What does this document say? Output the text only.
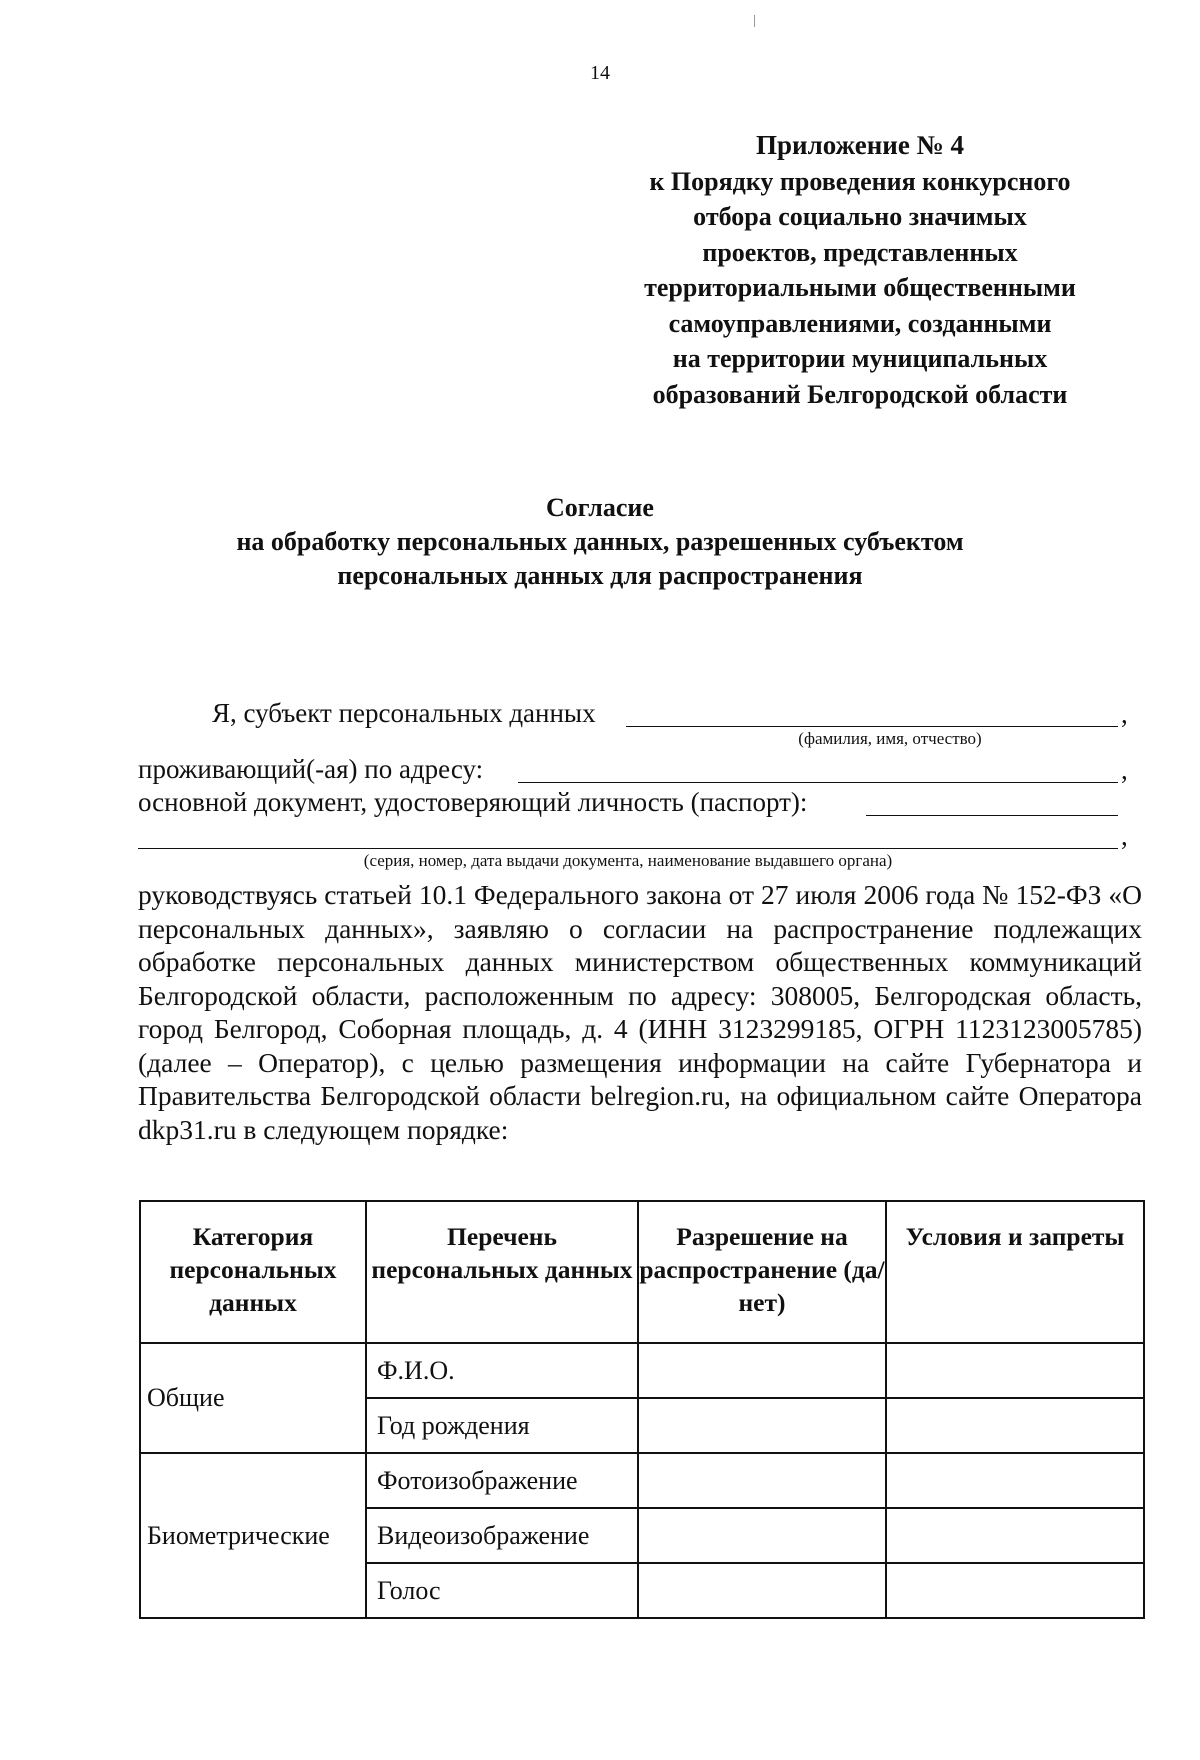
14
Приложение № 4
к Порядку проведения конкурсного
отбора социально значимых
проектов, представленных
территориальными общественными
самоуправлениями, созданными
на территории муниципальных
образований Белгородской области
Согласие
на обработку персональных данных, разрешенных субъектом
персональных данных для распространения
Я, субъект персональных данных	,
(фамилия, имя, отчество)
проживающий(-ая) по адресу:	,
основной документ, удостоверяющий личность (паспорт):
,
(серия, номер, дата выдачи документа, наименование выдавшего органа)
руководствуясь статьей 10.1 Федерального закона от 27 июля 2006 года № 152-ФЗ «О персональных данных», заявляю о согласии на распространение подлежащих обработке персональных данных министерством общественных коммуникаций Белгородской области, расположенным по адресу: 308005, Белгородская область, город Белгород, Соборная площадь, д. 4 (ИНН 3123299185, ОГРН 1123123005785) (далее – Оператор), с целью размещения информации на сайте Губернатора и Правительства Белгородской области belregion.ru, на официальном сайте Оператора dkp31.ru в следующем порядке:
Категория персональных данных	Перечень персональных данных	Разрешение на распространение (да/нет)	Условия и запреты
Общие	Ф.И.О.		
	Год рождения		
Биометрические	Фотоизображение		
	Видеоизображение		
	Голос		
